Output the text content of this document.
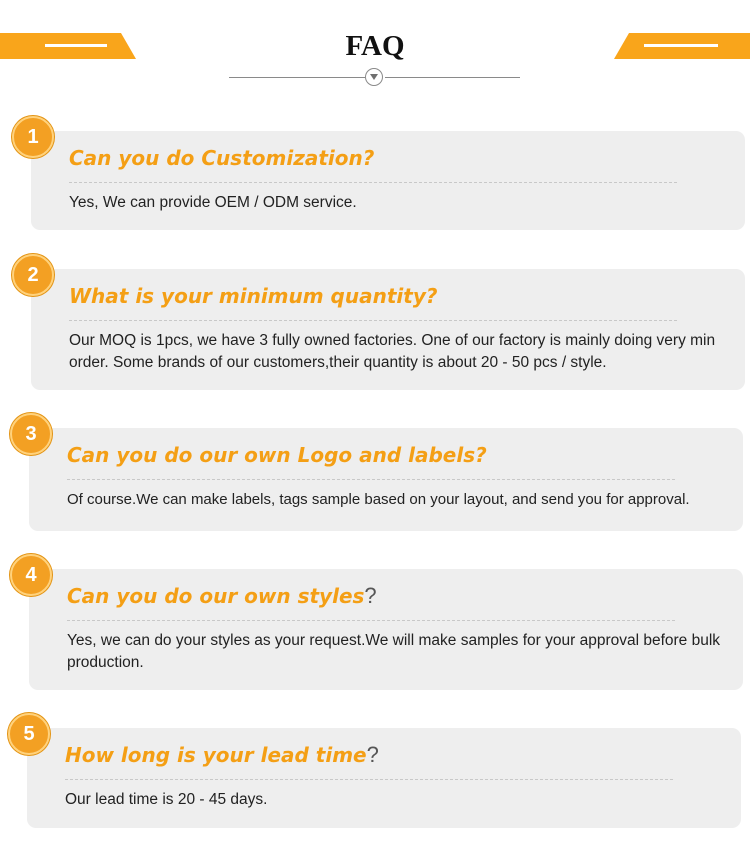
FAQ
1
Can you do Customization?
Yes, We can provide OEM / ODM service.
2
What is your minimum quantity?
Our MOQ is 1pcs, we have 3 fully owned factories. One of our factory is mainly doing very min order. Some brands of our customers,their quantity is about 20 - 50 pcs / style.
3
Can you do our own Logo and labels?
Of course.We can make labels, tags sample based on your layout, and send you for approval.
4
Can you do our own styles?
Yes, we can do your styles as your request.We will make samples for your approval before bulk production.
5
How long is your lead time?
Our lead time is 20 - 45 days.
